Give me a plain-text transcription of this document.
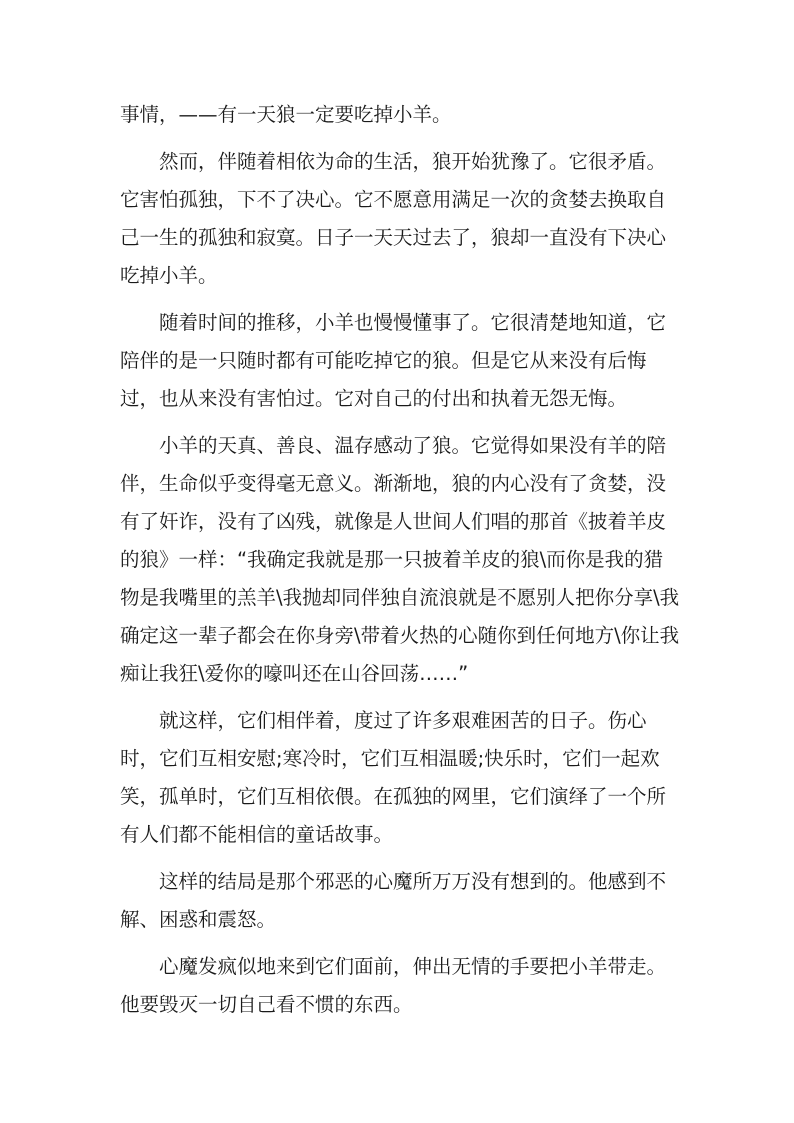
事情，——有一天狼一定要吃掉小羊。

然而，伴随着相依为命的生活，狼开始犹豫了。它很矛盾。它害怕孤独，下不了决心。它不愿意用满足一次的贪婪去换取自己一生的孤独和寂寞。日子一天天过去了，狼却一直没有下决心吃掉小羊。

随着时间的推移，小羊也慢慢懂事了。它很清楚地知道，它陪伴的是一只随时都有可能吃掉它的狼。但是它从来没有后悔过，也从来没有害怕过。它对自己的付出和执着无怨无悔。

小羊的天真、善良、温存感动了狼。它觉得如果没有羊的陪伴，生命似乎变得毫无意义。渐渐地，狼的内心没有了贪婪，没有了奸诈，没有了凶残，就像是人世间人们唱的那首《披着羊皮的狼》一样：“我确定我就是那一只披着羊皮的狼\而你是我的猎物是我嘴里的羔羊\我抛却同伴独自流浪就是不愿别人把你分享\我确定这一辈子都会在你身旁\带着火热的心随你到任何地方\你让我痴让我狂\爱你的嚎叫还在山谷回荡……”

就这样，它们相伴着，度过了许多艰难困苦的日子。伤心时，它们互相安慰;寒冷时，它们互相温暖;快乐时，它们一起欢笑，孤单时，它们互相依偎。在孤独的网里，它们演绎了一个所有人们都不能相信的童话故事。

这样的结局是那个邪恶的心魔所万万没有想到的。他感到不解、困惑和震怒。

心魔发疯似地来到它们面前，伸出无情的手要把小羊带走。他要毁灭一切自己看不惯的东西。
